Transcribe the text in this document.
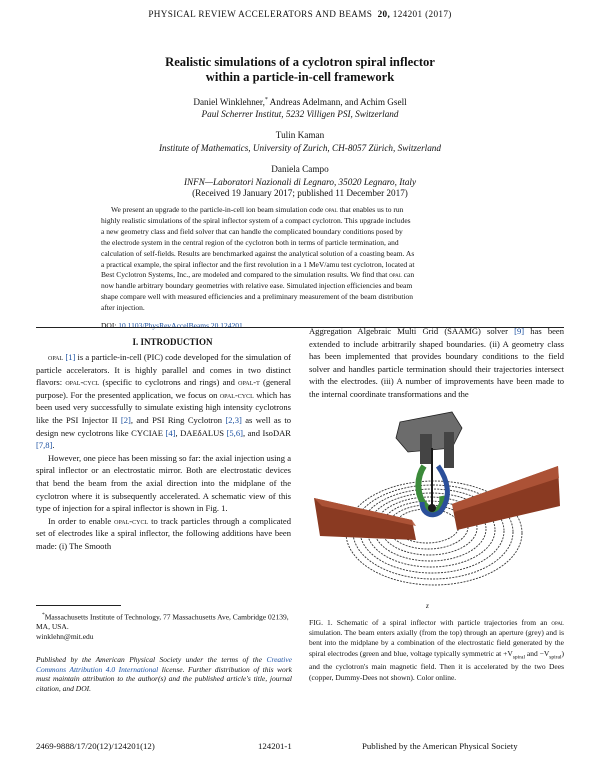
PHYSICAL REVIEW ACCELERATORS AND BEAMS 20, 124201 (2017)
Realistic simulations of a cyclotron spiral inflector
within a particle-in-cell framework
Daniel Winklehner,* Andreas Adelmann, and Achim Gsell
Paul Scherrer Institut, 5232 Villigen PSI, Switzerland
Tulin Kaman
Institute of Mathematics, University of Zurich, CH-8057 Zürich, Switzerland
Daniela Campo
INFN—Laboratori Nazionali di Legnaro, 35020 Legnaro, Italy
(Received 19 January 2017; published 11 December 2017)
We present an upgrade to the particle-in-cell ion beam simulation code opal that enables us to run
highly realistic simulations of the spiral inflector system of a compact cyclotron. This upgrade includes
a new geometry class and field solver that can handle the complicated boundary conditions posed by
the electrode system in the central region of the cyclotron both in terms of particle termination, and
calculation of self-fields. Results are benchmarked against the analytical solution of a coasting beam. As
a practical example, the spiral inflector and the first revolution in a 1 MeV/amu test cyclotron, located at
Best Cyclotron Systems, Inc., are modeled and compared to the simulation results. We find that opal can
now handle arbitrary boundary geometries with relative ease. Simulated injection efficiencies and beam
shape compare well with measured efficiencies and a preliminary measurement of the beam distribution
after injection.
DOI: 10.1103/PhysRevAccelBeams.20.124201
I. INTRODUCTION

opal [1] is a particle-in-cell (PIC) code developed for the simulation of particle accelerators. It is highly parallel and comes in two distinct flavors: opal-cycl (specific to cyclotrons and rings) and opal-t (general purpose). For the presented application, we focus on opal-cycl which has been used very successfully to simulate existing high intensity cyclotrons like the PSI Injector II [2], and PSI Ring Cyclotron [2,3] as well as to design new cyclotrons like CYCIAE [4], DAEδALUS [5,6], and IsoDAR [7,8].

However, one piece has been missing so far: the axial injection using a spiral inflector or an electrostatic mirror. Both are electrostatic devices that bend the beam from the axial direction into the midplane of the cyclotron where it is subsequently accelerated. A schematic view of this type of injection for a spiral inflector is shown in Fig. 1.

In order to enable opal-cycl to track particles through a complicated set of electrodes like a spiral inflector, the following additions have been made: (i) The Smooth

*Massachusetts Institute of Technology, 77 Massachusetts Ave, Cambridge 02139, MA, USA.
winklehn@mit.edu
Published by the American Physical Society under the terms of the Creative Commons Attribution 4.0 International license. Further distribution of this work must maintain attribution to the author(s) and the published article's title, journal citation, and DOI.

Aggregation Algebraic Multi Grid (SAAMG) solver [9] has been extended to include arbitrarily shaped boundaries. (ii) A geometry class has been implemented that provides boundary conditions to the field solver and handles particle termination should their trajectories intersect with the electrodes. (iii) A number of improvements have been made to the internal coordinate transformations and the

z
FIG. 1. Schematic of a spiral inflector with particle trajectories from an opal simulation. The beam enters axially (from the top) through an aperture (grey) and is bent into the midplane by a combination of the electrostatic field generated by the spiral electrodes (green and blue, voltage typically symmetric at $+V_{spiral}$ and $-V_{spiral}$) and the cyclotron's main magnetic field. Then it is accelerated by the two Dees (copper, Dummy-Dees not shown). Color online.
2469-9888/17/20(12)/124201(12)	124201-1	Published by the American Physical Society
